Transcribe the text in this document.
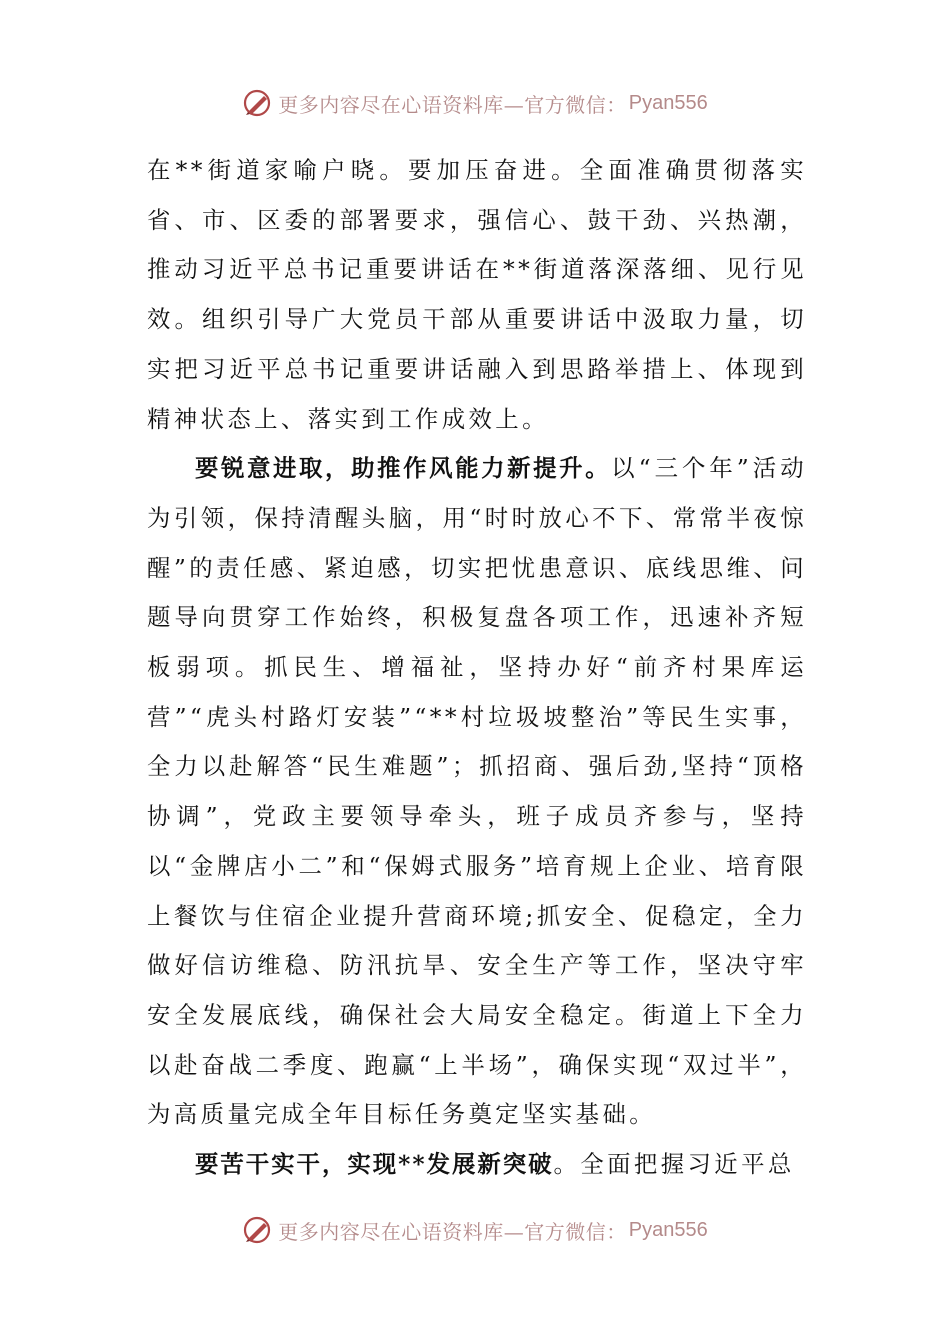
更多内容尽在心语资料库—官方微信： Pyan556

在**街道家喻户晓。要加压奋进。全面准确贯彻落实省、市、区委的部署要求，强信心、鼓干劲、兴热潮，推动习近平总书记重要讲话在**街道落深落细、见行见效。组织引导广大党员干部从重要讲话中汲取力量，切实把习近平总书记重要讲话融入到思路举措上、体现到精神状态上、落实到工作成效上。

要锐意进取，助推作风能力新提升。以“三个年”活动为引领，保持清醒头脑，用“时时放心不下、常常半夜惊醒”的责任感、紧迫感，切实把忧患意识、底线思维、问题导向贯穿工作始终，积极复盘各项工作，迅速补齐短板弱项。抓民生、增福祉，坚持办好“前齐村果库运营”“虎头村路灯安装”“**村垃圾坡整治”等民生实事，全力以赴解答“民生难题”；抓招商、强后劲,坚持“顶格协调”，党政主要领导牵头，班子成员齐参与，坚持以“金牌店小二”和“保姆式服务”培育规上企业、培育限上餐饮与住宿企业提升营商环境;抓安全、促稳定，全力做好信访维稳、防汛抗旱、安全生产等工作，坚决守牢安全发展底线，确保社会大局安全稳定。街道上下全力以赴奋战二季度、跑赢“上半场”，确保实现“双过半”，为高质量完成全年目标任务奠定坚实基础。

要苦干实干，实现**发展新突破。全面把握习近平总

更多内容尽在心语资料库—官方微信： Pyan556
